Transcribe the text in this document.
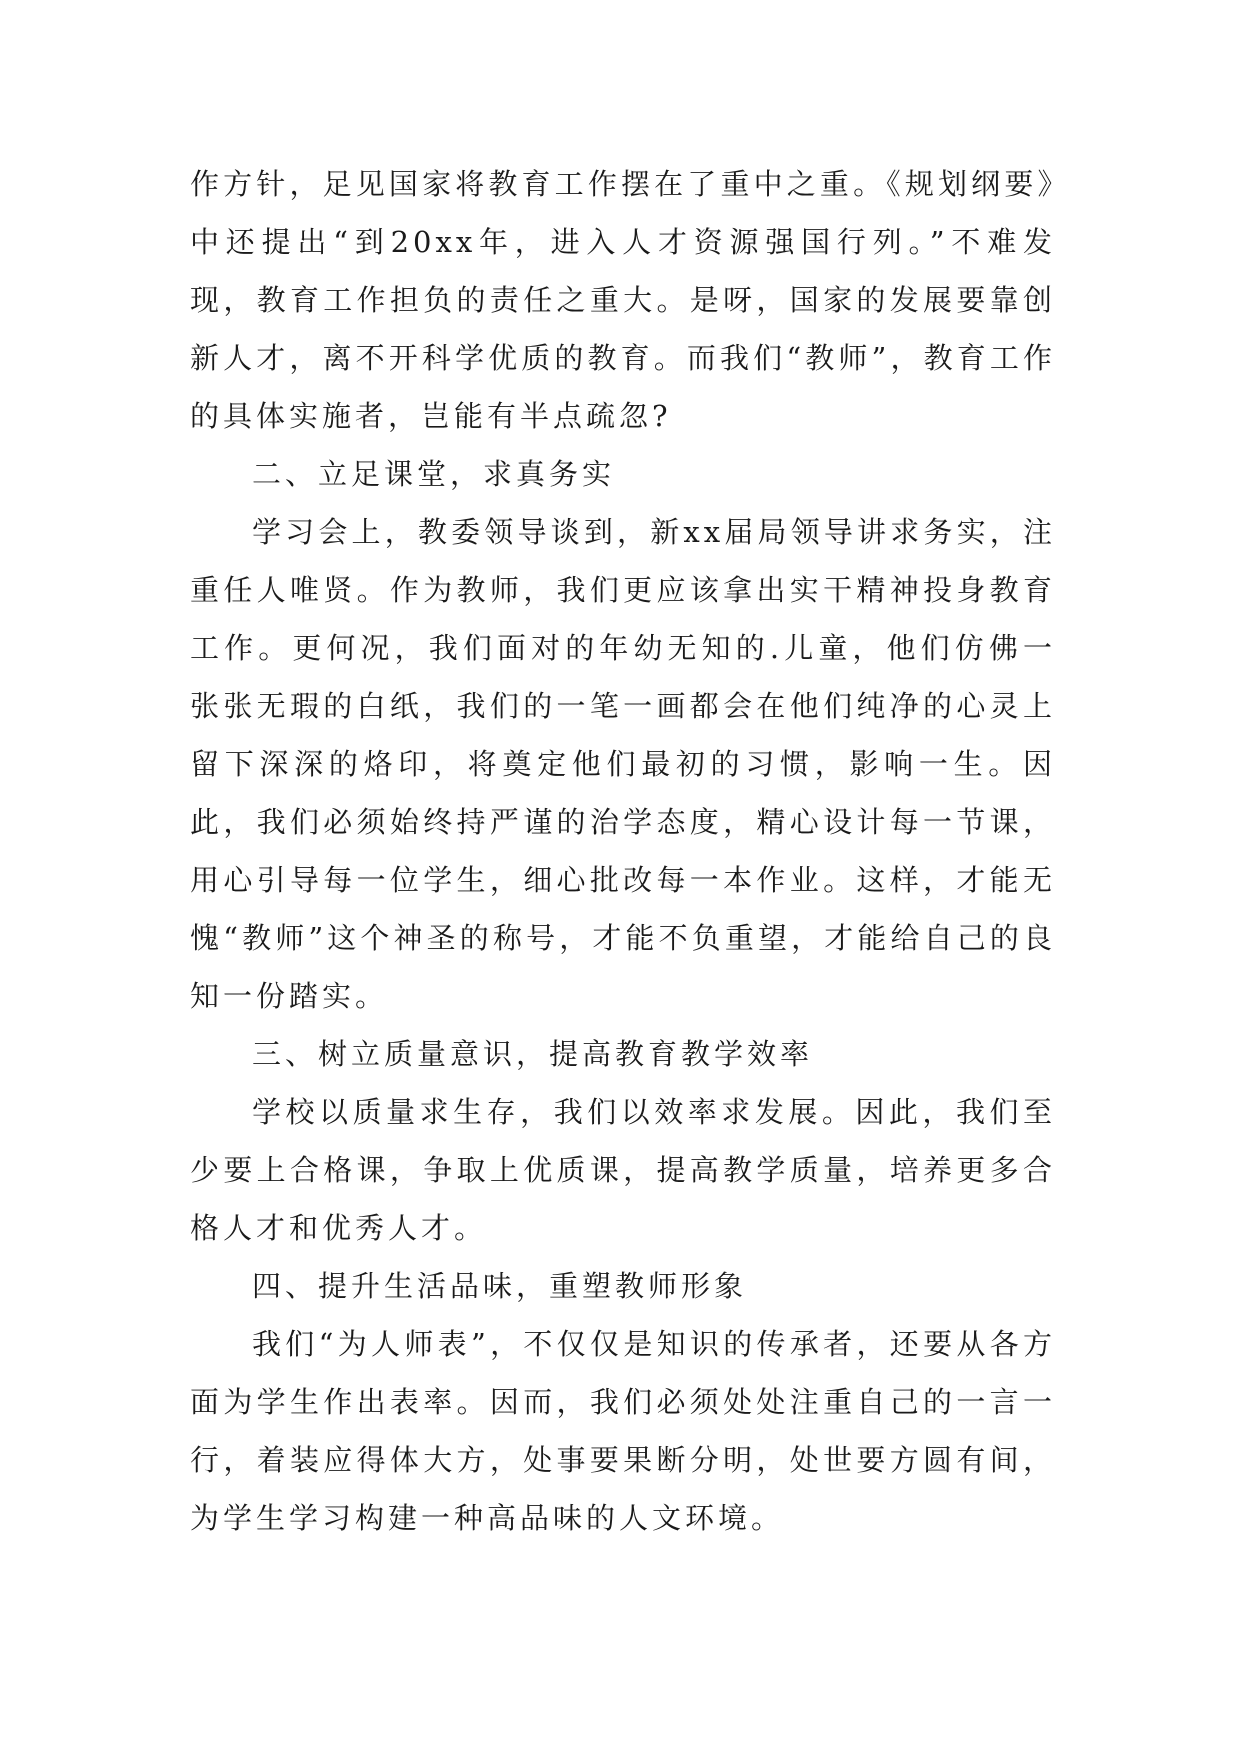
作方针，足见国家将教育工作摆在了重中之重。《规划纲要》中还提出“到20xx年，进入人才资源强国行列。”不难发现，教育工作担负的责任之重大。是呀，国家的发展要靠创新人才，离不开科学优质的教育。而我们“教师”，教育工作的具体实施者，岂能有半点疏忽?

二、立足课堂，求真务实

学习会上，教委领导谈到，新xx届局领导讲求务实，注重任人唯贤。作为教师，我们更应该拿出实干精神投身教育工作。更何况，我们面对的年幼无知的.儿童，他们仿佛一张张无瑕的白纸，我们的一笔一画都会在他们纯净的心灵上留下深深的烙印，将奠定他们最初的习惯，影响一生。因此，我们必须始终持严谨的治学态度，精心设计每一节课，用心引导每一位学生，细心批改每一本作业。这样，才能无愧“教师”这个神圣的称号，才能不负重望，才能给自己的良知一份踏实。

三、树立质量意识，提高教育教学效率

学校以质量求生存，我们以效率求发展。因此，我们至少要上合格课，争取上优质课，提高教学质量，培养更多合格人才和优秀人才。

四、提升生活品味，重塑教师形象

我们“为人师表”，不仅仅是知识的传承者，还要从各方面为学生作出表率。因而，我们必须处处注重自己的一言一行，着装应得体大方，处事要果断分明，处世要方圆有间，为学生学习构建一种高品味的人文环境。
